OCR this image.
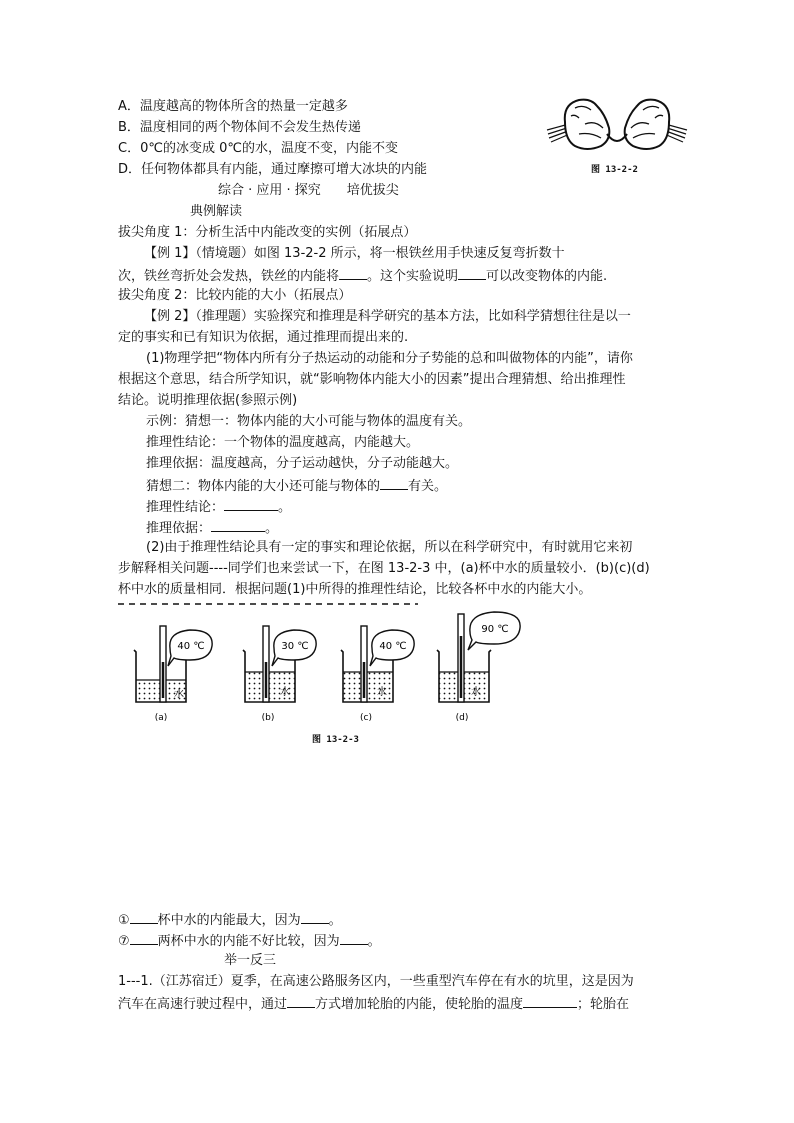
A．温度越高的物体所含的热量一定越多
B．温度相同的两个物体间不会发生热传递
C．0℃的冰变成 0℃的水，温度不变，内能不变
D．任何物体都具有内能，通过摩擦可增大冰块的内能	图 13-2-2
综合 · 应用 · 探究　　培优拔尖
典例解读
拔尖角度 1：分析生活中内能改变的实例（拓展点）
【例 1】（情境题）如图 13-2-2 所示，将一根铁丝用手快速反复弯折数十
次，铁丝弯折处会发热，铁丝的内能将 。这个实验说明 可以改变物体的内能.
拔尖角度 2：比较内能的大小（拓展点）
【例 2】（推理题）实验探究和推理是科学研究的基本方法，比如科学猜想往往是以一
定的事实和已有知识为依据，通过推理而提出来的.
(1)物理学把“物体内所有分子热运动的动能和分子势能的总和叫做物体的内能”，请你
根据这个意思，结合所学知识，就“影响物体内能大小的因素”提出合理猜想、给出推理性
结论。说明推理依据(参照示例)
示例：猜想一：物体内能的大小可能与物体的温度有关。
推理性结论：一个物体的温度越高，内能越大。
推理依据：温度越高，分子运动越快，分子动能越大。
猜想二：物体内能的大小还可能与物体的 有关。
推理性结论：	。
推理依据：	。
(2)由于推理性结论具有一定的事实和理论依据，所以在科学研究中，有时就用它来初
步解释相关问题----同学们也来尝试一下，在图 13-2-3 中，(a)杯中水的质量较小．(b)(c)(d)
杯中水的质量相同．根据问题(1)中所得的推理性结论，比较各杯中水的内能大小。
40 ℃
水
(a)
30 ℃
水
(b)
40 ℃
水
(c)
90 ℃
水
(d)
图 13-2-3
① 杯中水的内能最大，因为 。
⑦ 两杯中水的内能不好比较，因为 。
举一反三
1---1.（江苏宿迁）夏季，在高速公路服务区内，一些重型汽车停在有水的坑里，这是因为
汽车在高速行驶过程中，通过 方式增加轮胎的内能，使轮胎的温度	；轮胎在
